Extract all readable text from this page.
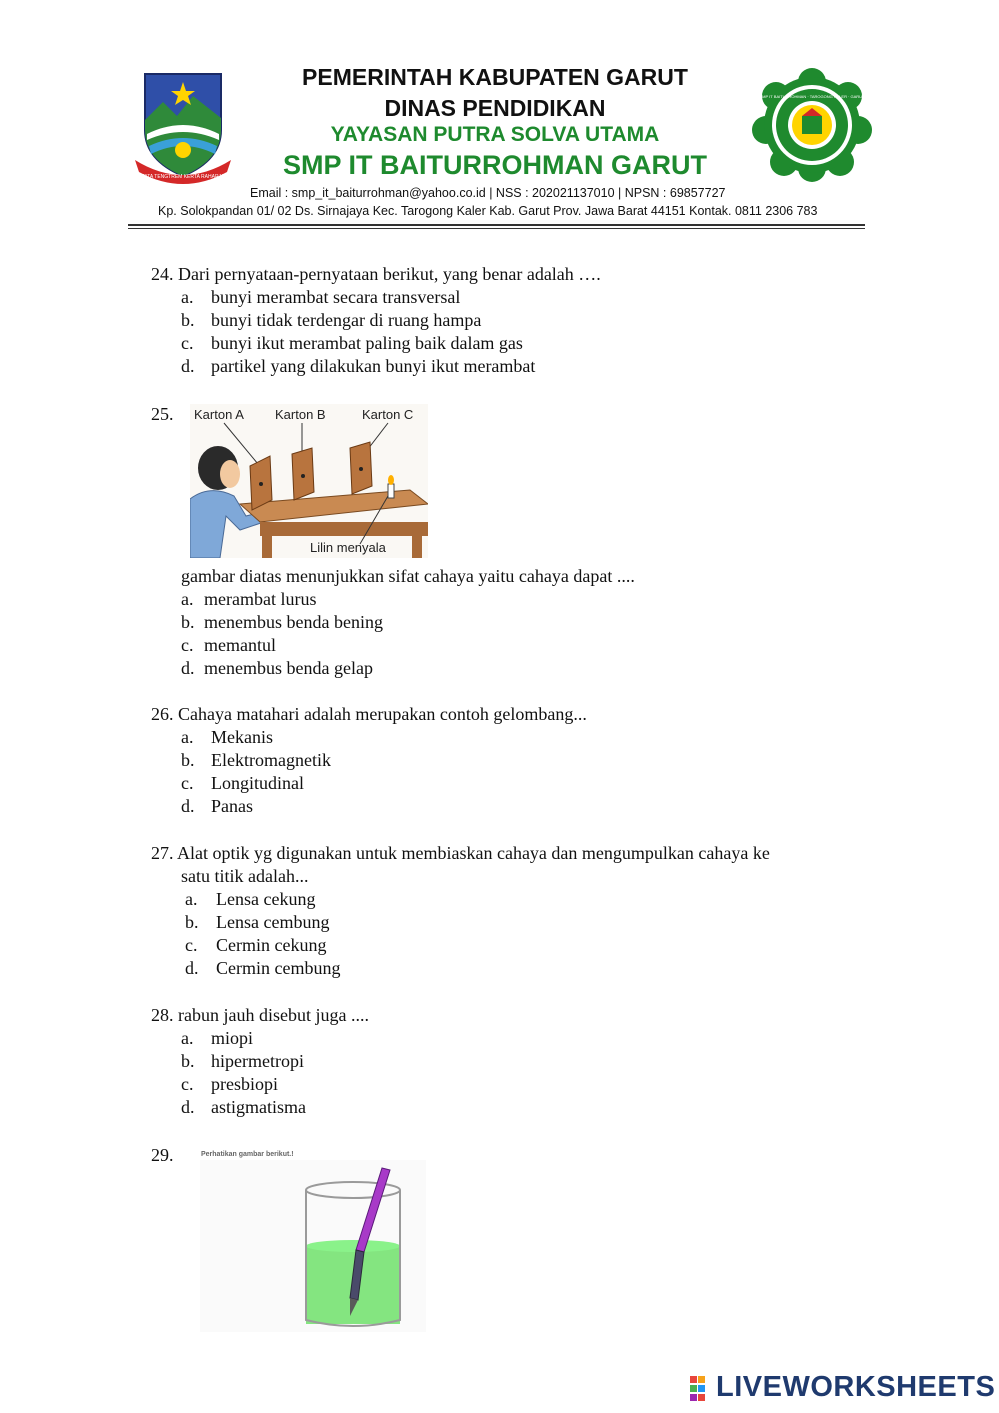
TATA TENGTREM KERTA RAHARJA
SMP IT BAITURROHMAN · TAROGONG KALER · GARUT
PEMERINTAH KABUPATEN GARUT
DINAS PENDIDIKAN
YAYASAN PUTRA SOLVA UTAMA
SMP IT BAITURROHMAN GARUT
Email : smp_it_baiturrohman@yahoo.co.id | NSS : 202021137010 | NPSN : 69857727
Kp. Solokpandan 01/ 02 Ds. Sirnajaya Kec. Tarogong Kaler Kab. Garut Prov. Jawa Barat 44151 Kontak. 0811 2306 783
24. Dari pernyataan-pernyataan berikut, yang benar adalah ….
a. bunyi merambat secara transversal
b. bunyi tidak terdengar di ruang hampa
c. bunyi ikut merambat paling baik dalam gas
d. partikel yang dilakukan bunyi ikut merambat
25. Karton A Karton B	Karton C
Lilin menyala
gambar diatas menunjukkan sifat cahaya yaitu cahaya dapat ....
a. merambat lurus
b. menembus benda bening
c. memantul
d. menembus benda gelap
26. Cahaya matahari adalah merupakan contoh gelombang...
a. Mekanis
b. Elektromagnetik
c. Longitudinal
d. Panas
27. Alat optik yg digunakan untuk membiaskan cahaya dan mengumpulkan cahaya ke
satu titik adalah...
a. Lensa cekung
b. Lensa cembung
c. Cermin cekung
d. Cermin cembung
28. rabun jauh disebut juga ....
a. miopi
b. hipermetropi
c. presbiopi
d. astigmatisma
29.	Perhatikan gambar berikut.!
LIVEWORKSHEETS
